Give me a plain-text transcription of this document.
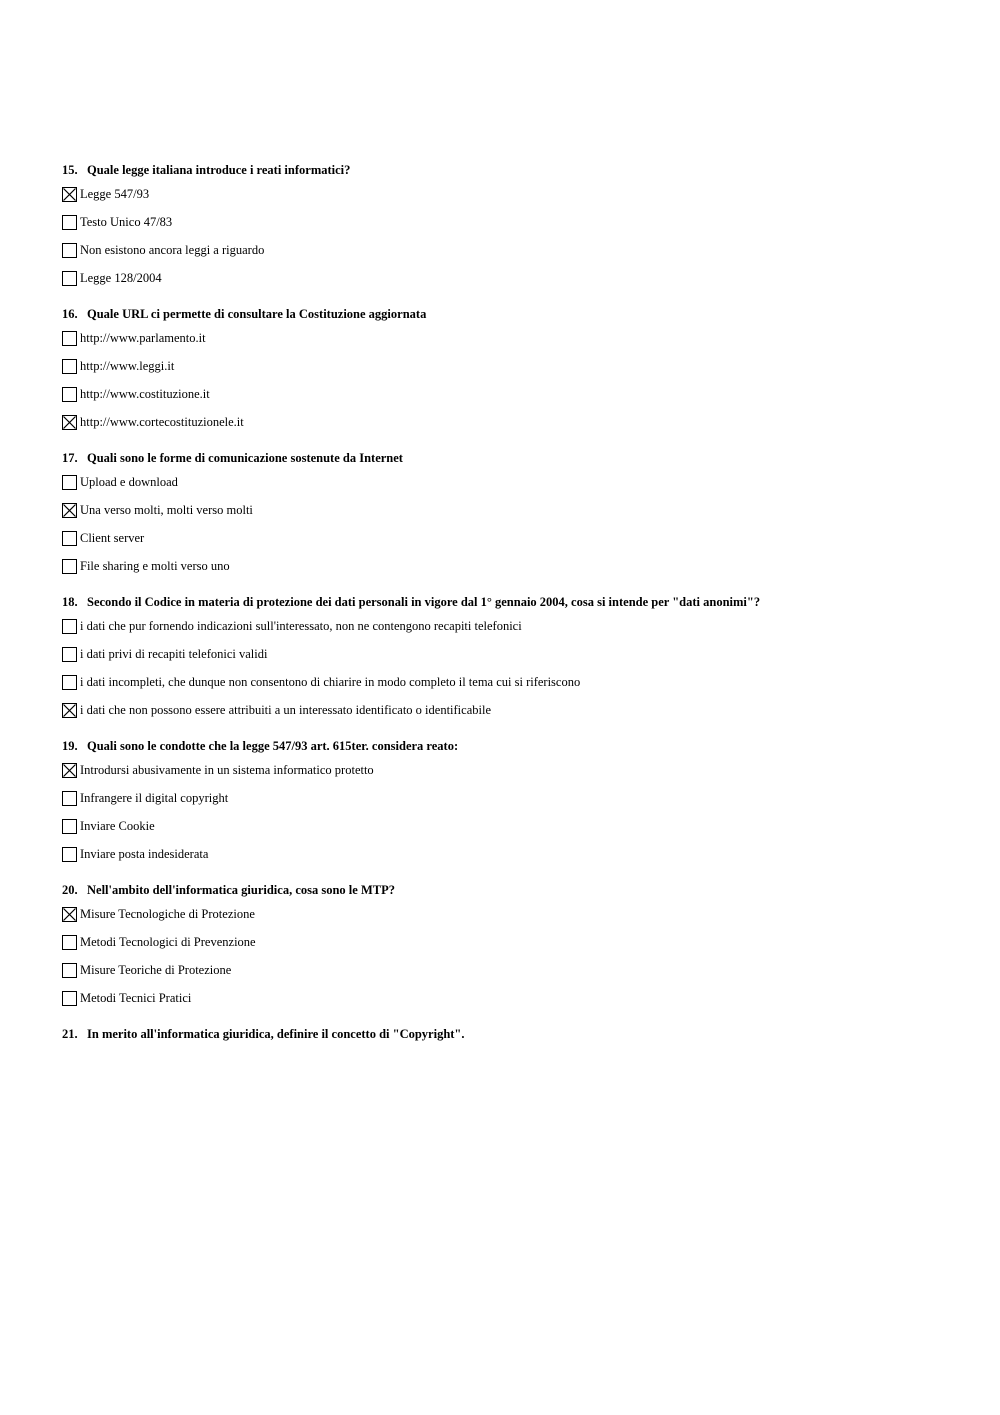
15. Quale legge italiana introduce i reati informatici?
Legge 547/93
Testo Unico 47/83
Non esistono ancora leggi a riguardo
Legge 128/2004
16. Quale URL ci permette di consultare la Costituzione aggiornata
http://www.parlamento.it
http://www.leggi.it
http://www.costituzione.it
http://www.cortecostituzionele.it
17. Quali sono le forme di comunicazione sostenute da Internet
Upload e download
Una verso molti, molti verso molti
Client server
File sharing e molti verso uno
18. Secondo il Codice in materia di protezione dei dati personali in vigore dal 1° gennaio 2004, cosa si intende per "dati anonimi"?
i dati che pur fornendo indicazioni sull'interessato, non ne contengono recapiti telefonici
i dati privi di recapiti telefonici validi
i dati incompleti, che dunque non consentono di chiarire in modo completo il tema cui si riferiscono
i dati che non possono essere attribuiti a un interessato identificato o identificabile
19. Quali sono le condotte che la legge 547/93 art. 615ter. considera reato:
Introdursi abusivamente in un sistema informatico protetto
Infrangere il digital copyright
Inviare Cookie
Inviare posta indesiderata
20. Nell'ambito dell'informatica giuridica, cosa sono le MTP?
Misure Tecnologiche di Protezione
Metodi Tecnologici di Prevenzione
Misure Teoriche di Protezione
Metodi Tecnici Pratici
21. In merito all'informatica giuridica, definire il concetto di "Copyright".
